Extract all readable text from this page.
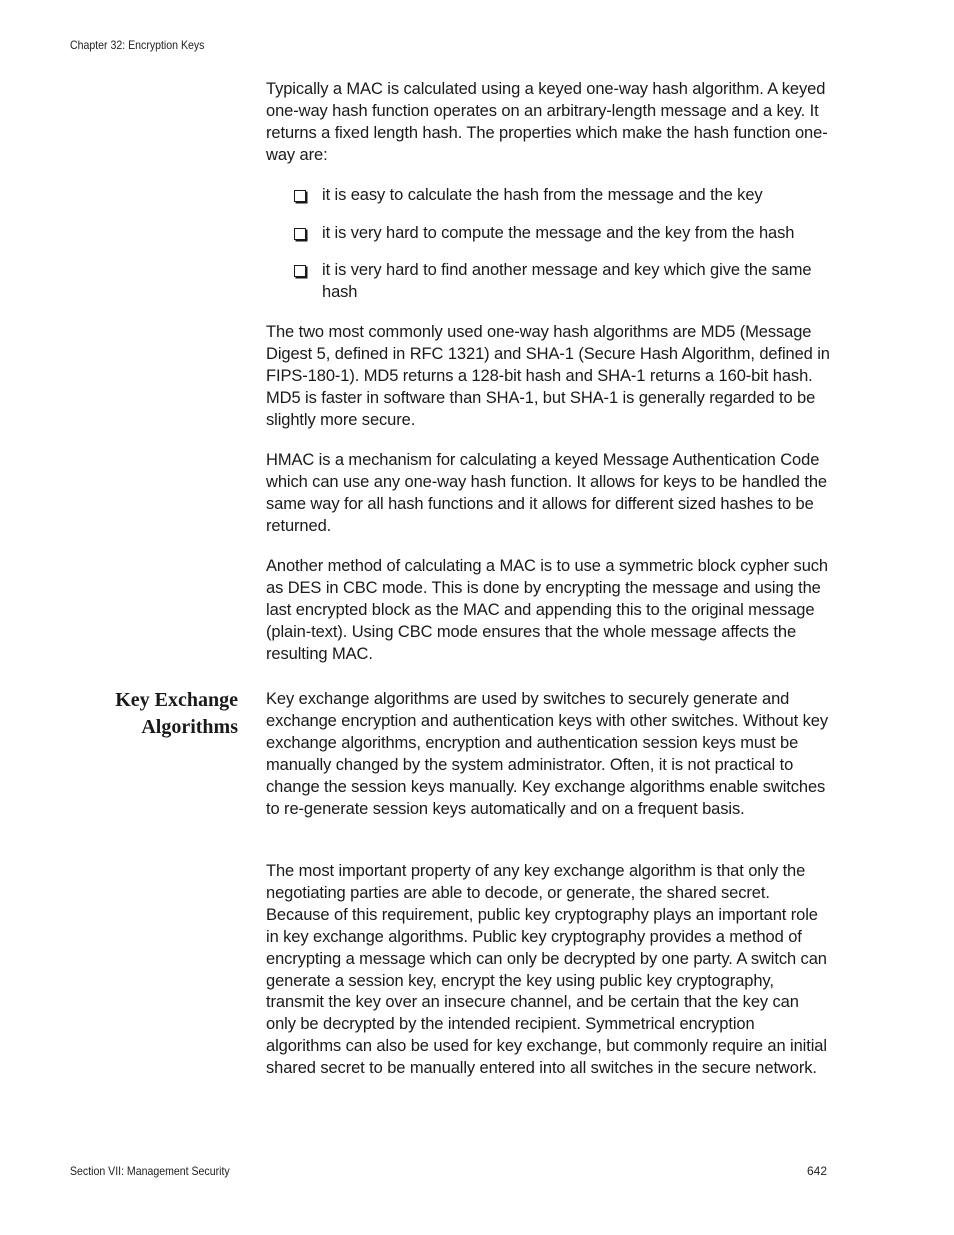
Chapter 32: Encryption Keys

Typically a MAC is calculated using a keyed one-way hash algorithm. A keyed one-way hash function operates on an arbitrary-length message and a key. It returns a fixed length hash. The properties which make the hash function one-way are:

it is easy to calculate the hash from the message and the key
it is very hard to compute the message and the key from the hash
it is very hard to find another message and key which give the same hash

The two most commonly used one-way hash algorithms are MD5 (Message Digest 5, defined in RFC 1321) and SHA-1 (Secure Hash Algorithm, defined in FIPS-180-1). MD5 returns a 128-bit hash and SHA-1 returns a 160-bit hash. MD5 is faster in software than SHA-1, but SHA-1 is generally regarded to be slightly more secure.

HMAC is a mechanism for calculating a keyed Message Authentication Code which can use any one-way hash function. It allows for keys to be handled the same way for all hash functions and it allows for different sized hashes to be returned.

Another method of calculating a MAC is to use a symmetric block cypher such as DES in CBC mode. This is done by encrypting the message and using the last encrypted block as the MAC and appending this to the original message (plain-text). Using CBC mode ensures that the whole message affects the resulting MAC.

Key Exchange
Algorithms

Key exchange algorithms are used by switches to securely generate and exchange encryption and authentication keys with other switches. Without key exchange algorithms, encryption and authentication session keys must be manually changed by the system administrator. Often, it is not practical to change the session keys manually. Key exchange algorithms enable switches to re-generate session keys automatically and on a frequent basis.

The most important property of any key exchange algorithm is that only the negotiating parties are able to decode, or generate, the shared secret. Because of this requirement, public key cryptography plays an important role in key exchange algorithms. Public key cryptography provides a method of encrypting a message which can only be decrypted by one party. A switch can generate a session key, encrypt the key using public key cryptography, transmit the key over an insecure channel, and be certain that the key can only be decrypted by the intended recipient. Symmetrical encryption algorithms can also be used for key exchange, but commonly require an initial shared secret to be manually entered into all switches in the secure network.

Section VII: Management Security	642
